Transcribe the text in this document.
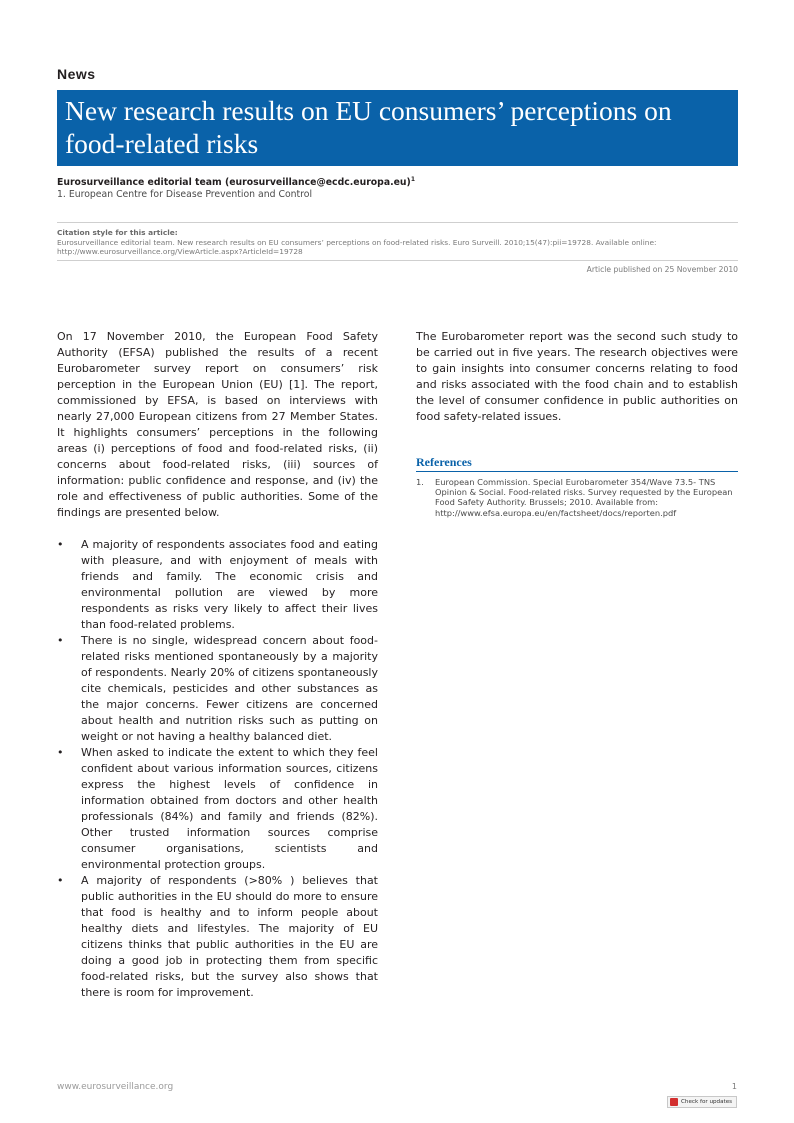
News
New research results on EU consumers’ perceptions on food-related risks
Eurosurveillance editorial team (eurosurveillance@ecdc.europa.eu)$^1$
1. European Centre for Disease Prevention and Control
Citation style for this article:
Eurosurveillance editorial team. New research results on EU consumers’ perceptions on food-related risks. Euro Surveill. 2010;15(47):pii=19728. Available online: http://www.eurosurveillance.org/ViewArticle.aspx?ArticleId=19728
Article published on 25 November 2010

On 17 November 2010, the European Food Safety Authority (EFSA) published the results of a recent Eurobarometer survey report on consumers’ risk perception in the European Union (EU) [1]. The report, commissioned by EFSA, is based on interviews with nearly 27,000 European citizens from 27 Member States. It highlights consumers’ perceptions in the following areas (i) perceptions of food and food-related risks, (ii) concerns about food-related risks, (iii) sources of information: public confidence and response, and (iv) the role and effectiveness of public authorities. Some of the findings are presented below.

• A majority of respondents associates food and eating with pleasure, and with enjoyment of meals with friends and family. The economic crisis and environmental pollution are viewed by more respondents as risks very likely to affect their lives than food-related problems.
• There is no single, widespread concern about food-related risks mentioned spontaneously by a majority of respondents. Nearly 20% of citizens spontaneously cite chemicals, pesticides and other substances as the major concerns. Fewer citizens are concerned about health and nutrition risks such as putting on weight or not having a healthy balanced diet.
• When asked to indicate the extent to which they feel confident about various information sources, citizens express the highest levels of confidence in information obtained from doctors and other health professionals (84%) and family and friends (82%). Other trusted information sources comprise consumer organisations, scientists and environmental protection groups.
• A majority of respondents (>80% ) believes that public authorities in the EU should do more to ensure that food is healthy and to inform people about healthy diets and lifestyles. The majority of EU citizens thinks that public authorities in the EU are doing a good job in protecting them from specific food-related risks, but the survey also shows that there is room for improvement.

The Eurobarometer report was the second such study to be carried out in five years. The research objectives were to gain insights into consumer concerns relating to food and risks associated with the food chain and to establish the level of consumer confidence in public authorities on food safety-related issues.

References
1. European Commission. Special Eurobarometer 354/Wave 73.5- TNS Opinion & Social. Food-related risks. Survey requested by the European Food Safety Authority. Brussels; 2010. Available from: http://www.efsa.europa.eu/en/factsheet/docs/reporten.pdf
www.eurosurveillance.org	1
Check for updates
